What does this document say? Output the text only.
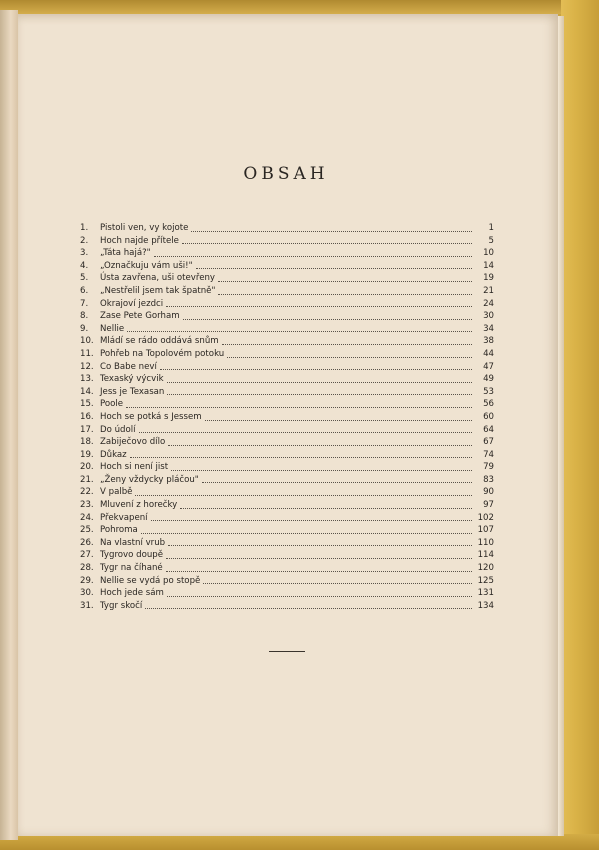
OBSAH
1.	Pistoli ven, vy kojote	1
2.	Hoch najde přítele	5
3.	„Táta hajá?"	10
4.	„Označkuju vám uši!"	14
5.	Ústa zavřena, uši otevřeny	19
6.	„Nestřelil jsem tak špatně"	21
7.	Okrajoví jezdci	24
8.	Zase Pete Gorham	30
9.	Nellie	34
10. Mládí se rádo oddává snům	38
11. Pohřeb na Topolovém potoku	44
12. Co Babe neví	47
13. Texaský výcvik	49
14. Jess je Texasan	53
15. Poole	56
16. Hoch se potká s Jessem	60
17. Do údolí	64
18. Zabiječovo dílo	67
19. Důkaz	74
20. Hoch si není jist	79
21. „Ženy vždycky pláčou"	83
22. V palbě	90
23. Mluvení z horečky	97
24. Překvapení	102
25. Pohroma	107
26. Na vlastní vrub	110
27. Tygrovo doupě	114
28. Tygr na číhané	120
29. Nellie se vydá po stopě	125
30. Hoch jede sám	131
31. Tygr skočí	134
